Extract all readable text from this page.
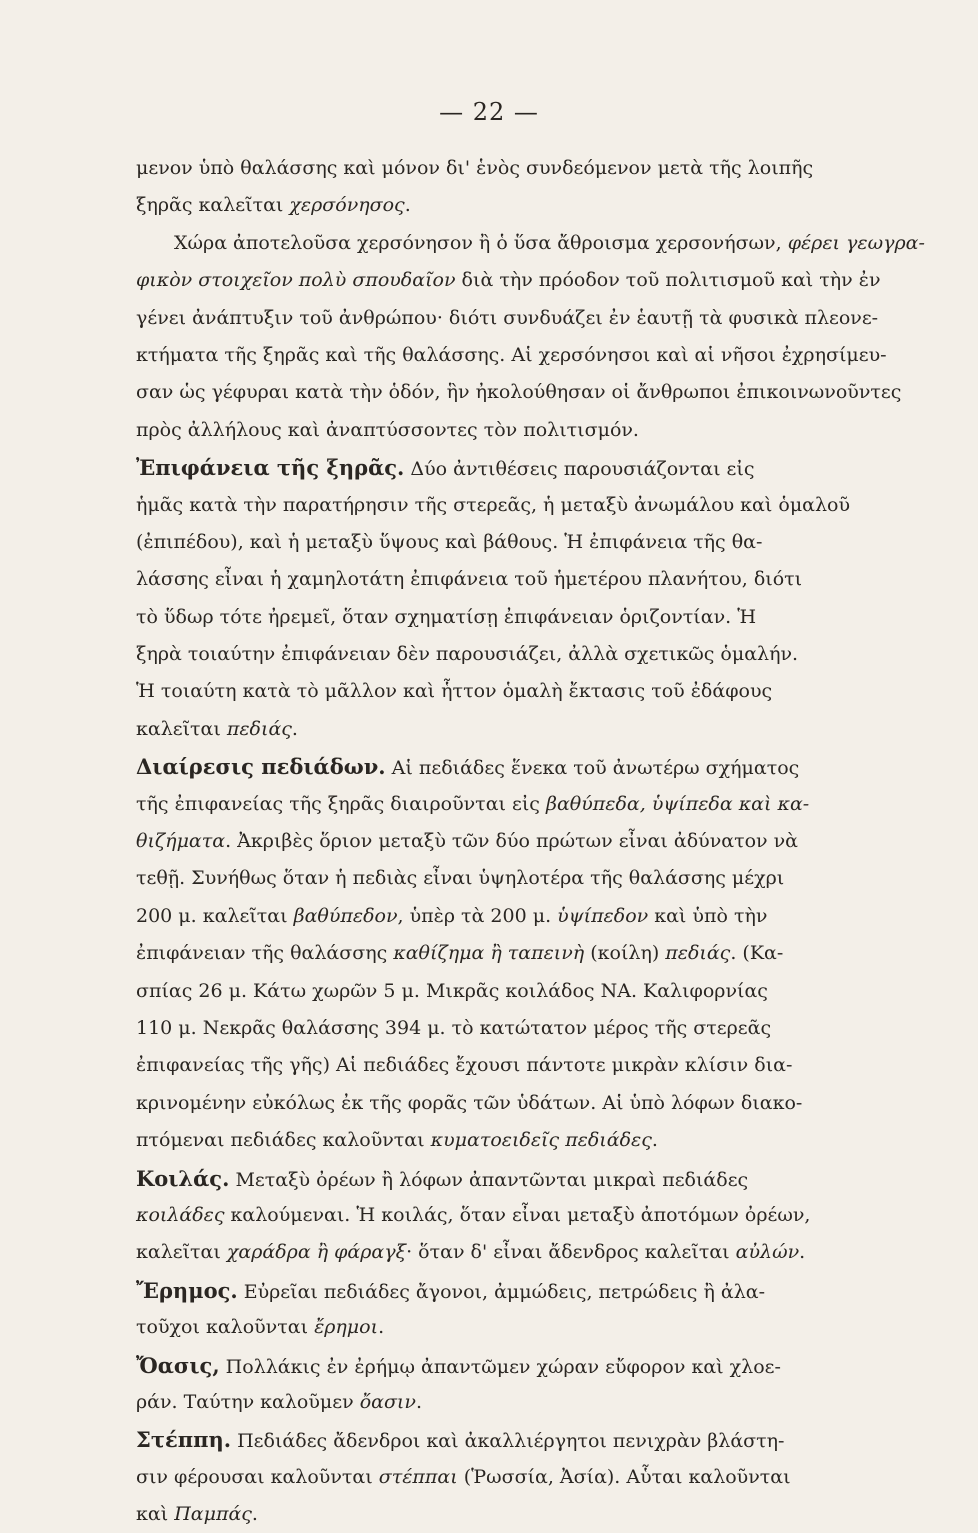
— 22 —
μενον ὑπὸ θαλάσσης καὶ μόνον δι' ἑνὸς συνδεόμενον μετὰ τῆς λοιπῆς
ξηρᾶς καλεῖται χερσόνησος.
Χώρα ἀποτελοῦσα χερσόνησον ἢ ὁ ὕσα ἄθροισμα χερσονήσων, φέρει γεωγρα-
φικὸν στοιχεῖον πολὺ σπουδαῖον διὰ τὴν πρόοδον τοῦ πολιτισμοῦ καὶ τὴν ἐν
γένει ἀνάπτυξιν τοῦ ἀνθρώπου· διότι συνδυάζει ἐν ἑαυτῇ τὰ φυσικὰ πλεονε-
κτήματα τῆς ξηρᾶς καὶ τῆς θαλάσσης. Αἱ χερσόνησοι καὶ αἱ νῆσοι ἐχρησίμευ-
σαν ὡς γέφυραι κατὰ τὴν ὁδόν, ἣν ἠκολούθησαν οἱ ἄνθρωποι ἐπικοινωνοῦντες
πρὸς ἀλλήλους καὶ ἀναπτύσσοντες τὸν πολιτισμόν.
Ἐπιφάνεια τῆς ξηρᾶς. Δύο ἀντιθέσεις παρουσιάζονται εἰς
ἡμᾶς κατὰ τὴν παρατήρησιν τῆς στερεᾶς, ἡ μεταξὺ ἀνωμάλου καὶ ὁμαλοῦ
(ἐπιπέδου), καὶ ἡ μεταξὺ ὕψους καὶ βάθους. Ἡ ἐπιφάνεια τῆς θα-
λάσσης εἶναι ἡ χαμηλοτάτη ἐπιφάνεια τοῦ ἡμετέρου πλανήτου, διότι
τὸ ὕδωρ τότε ἠρεμεῖ, ὅταν σχηματίσῃ ἐπιφάνειαν ὁριζοντίαν. Ἡ
ξηρὰ τοιαύτην ἐπιφάνειαν δὲν παρουσιάζει, ἀλλὰ σχετικῶς ὁμαλήν.
Ἡ τοιαύτη κατὰ τὸ μᾶλλον καὶ ἧττον ὁμαλὴ ἔκτασις τοῦ ἐδάφους
καλεῖται πεδιάς.
Διαίρεσις πεδιάδων. Αἱ πεδιάδες ἕνεκα τοῦ ἀνωτέρω σχήματος
τῆς ἐπιφανείας τῆς ξηρᾶς διαιροῦνται εἰς βαθύπεδα, ὑψίπεδα καὶ κα-
θιζήματα. Ἀκριβὲς ὅριον μεταξὺ τῶν δύο πρώτων εἶναι ἀδύνατον νὰ
τεθῇ. Συνήθως ὅταν ἡ πεδιὰς εἶναι ὑψηλοτέρα τῆς θαλάσσης μέχρι
200 μ. καλεῖται βαθύπεδον, ὑπὲρ τὰ 200 μ. ὑψίπεδον καὶ ὑπὸ τὴν
ἐπιφάνειαν τῆς θαλάσσης καθίζημα ἢ ταπεινὴ (κοίλη) πεδιάς. (Κα-
σπίας 26 μ. Κάτω χωρῶν 5 μ. Μικρᾶς κοιλάδος ΝΑ. Καλιφορνίας
110 μ. Νεκρᾶς θαλάσσης 394 μ. τὸ κατώτατον μέρος τῆς στερεᾶς
ἐπιφανείας τῆς γῆς) Αἱ πεδιάδες ἔχουσι πάντοτε μικρὰν κλίσιν δια-
κρινομένην εὐκόλως ἐκ τῆς φορᾶς τῶν ὑδάτων. Αἱ ὑπὸ λόφων διακο-
πτόμεναι πεδιάδες καλοῦνται κυματοειδεῖς πεδιάδες.
Κοιλάς. Μεταξὺ ὀρέων ἢ λόφων ἀπαντῶνται μικραὶ πεδιάδες
κοιλάδες καλούμεναι. Ἡ κοιλάς, ὅταν εἶναι μεταξὺ ἀποτόμων ὀρέων,
καλεῖται χαράδρα ἢ φάραγξ· ὅταν δ' εἶναι ἄδενδρος καλεῖται αὐλών.
Ἔρημος. Εὐρεῖαι πεδιάδες ἄγονοι, ἀμμώδεις, πετρώδεις ἢ ἀλα-
τοῦχοι καλοῦνται ἔρημοι.
Ὄασις, Πολλάκις ἐν ἐρήμῳ ἀπαντῶμεν χώραν εὔφορον καὶ χλοε-
ράν. Ταύτην καλοῦμεν ὄασιν.
Στέππη. Πεδιάδες ἄδενδροι καὶ ἀκαλλιέργητοι πενιχρὰν βλάστη-
σιν φέρουσαι καλοῦνται στέππαι (Ῥωσσία, Ἀσία). Αὗται καλοῦνται
καὶ Παμπάς.
